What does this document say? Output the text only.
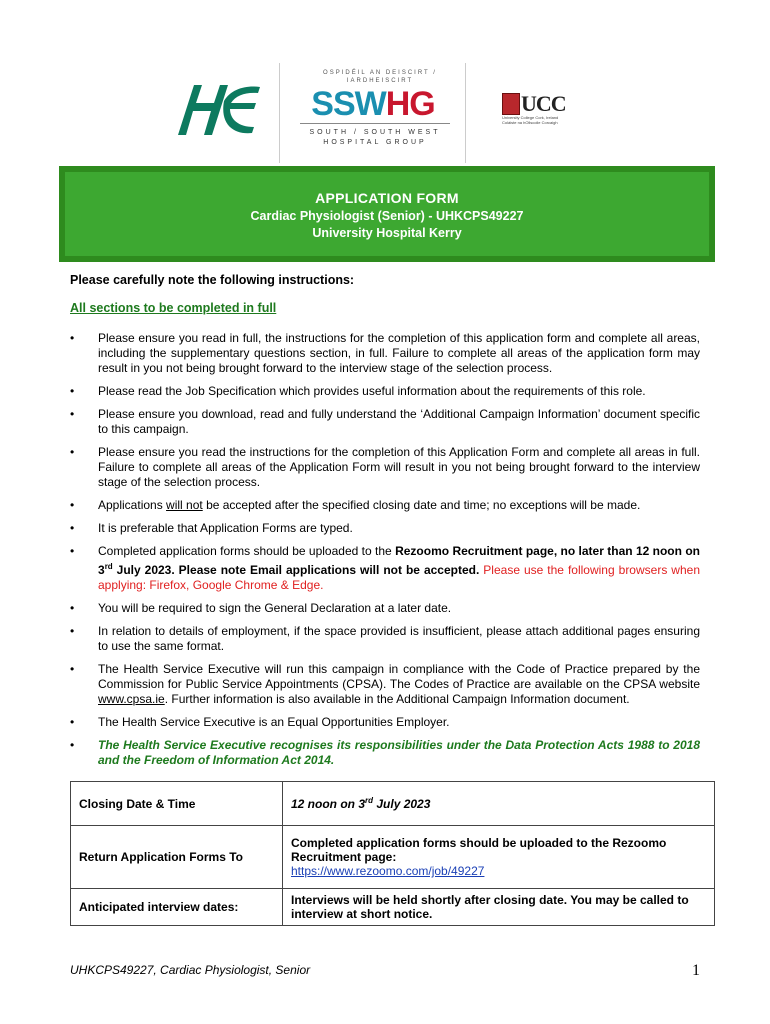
OSPIDÉIL AN DEISCIRT / IARDHEISCIRT
SSWHG
SOUTH / SOUTH WEST
HOSPITAL GROUP
UCC
University College Cork, Ireland Coláiste na hOllscoile Corcaigh
APPLICATION FORM
Cardiac Physiologist (Senior) - UHKCPS49227
University Hospital Kerry
Please carefully note the following instructions:
All sections to be completed in full
• Please ensure you read in full, the instructions for the completion of this application form and complete all areas, including the supplementary questions section, in full. Failure to complete all areas of the application form may result in you not being brought forward to the interview stage of the selection process.
• Please read the Job Specification which provides useful information about the requirements of this role.
• Please ensure you download, read and fully understand the ‘Additional Campaign Information’ document specific to this campaign.
• Please ensure you read the instructions for the completion of this Application Form and complete all areas in full. Failure to complete all areas of the Application Form will result in you not being brought forward to the interview stage of the selection process.
• Applications will not be accepted after the specified closing date and time; no exceptions will be made.
• It is preferable that Application Forms are typed.
• Completed application forms should be uploaded to the Rezoomo Recruitment page, no later than 12 noon on 3rd July 2023. Please note Email applications will not be accepted. Please use the following browsers when applying: Firefox, Google Chrome & Edge.
• You will be required to sign the General Declaration at a later date.
• In relation to details of employment, if the space provided is insufficient, please attach additional pages ensuring to use the same format.
• The Health Service Executive will run this campaign in compliance with the Code of Practice prepared by the Commission for Public Service Appointments (CPSA). The Codes of Practice are available on the CPSA website www.cpsa.ie. Further information is also available in the Additional Campaign Information document.
• The Health Service Executive is an Equal Opportunities Employer.
• The Health Service Executive recognises its responsibilities under the Data Protection Acts 1988 to 2018 and the Freedom of Information Act 2014.
Closing Date & Time	12 noon on 3rd July 2023
Return Application Forms To	Completed application forms should be uploaded to the Rezoomo Recruitment page:
https://www.rezoomo.com/job/49227
Anticipated interview dates:	Interviews will be held shortly after closing date. You may be called to interview at short notice.
UHKCPS49227, Cardiac Physiologist, Senior	1
